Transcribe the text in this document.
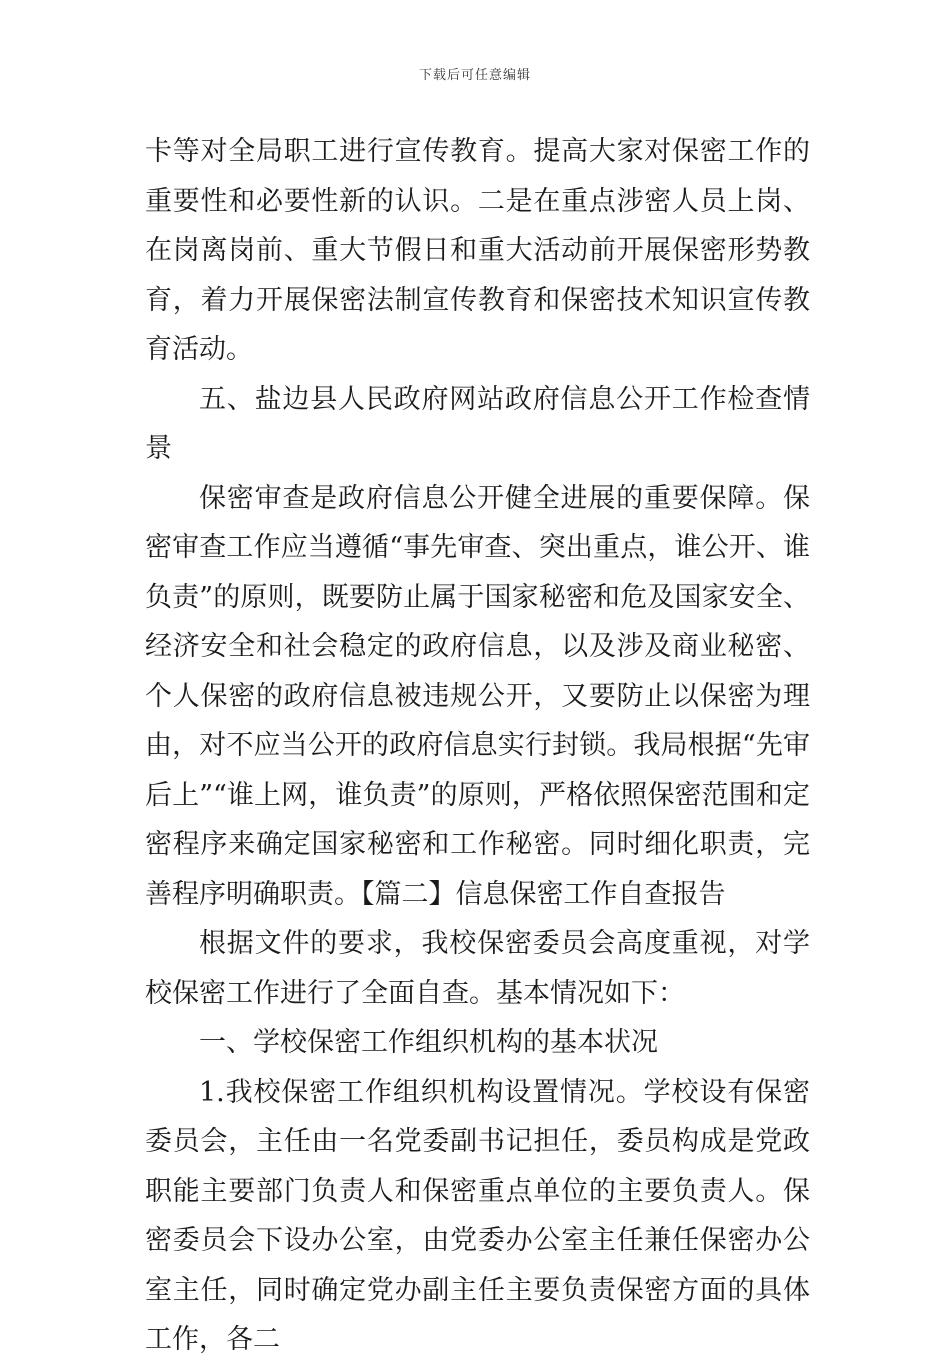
下载后可任意编辑

卡等对全局职工进行宣传教育。提高大家对保密工作的重要性和必要性新的认识。二是在重点涉密人员上岗、在岗离岗前、重大节假日和重大活动前开展保密形势教育，着力开展保密法制宣传教育和保密技术知识宣传教育活动。

五、盐边县人民政府网站政府信息公开工作检查情景

保密审查是政府信息公开健全进展的重要保障。保密审查工作应当遵循“事先审查、突出重点，谁公开、谁负责”的原则，既要防止属于国家秘密和危及国家安全、经济安全和社会稳定的政府信息，以及涉及商业秘密、个人保密的政府信息被违规公开，又要防止以保密为理由，对不应当公开的政府信息实行封锁。我局根据“先审后上”“谁上网，谁负责”的原则，严格依照保密范围和定密程序来确定国家秘密和工作秘密。同时细化职责，完善程序明确职责。【篇二】信息保密工作自查报告

根据文件的要求，我校保密委员会高度重视，对学校保密工作进行了全面自查。基本情况如下：

一、学校保密工作组织机构的基本状况

1.我校保密工作组织机构设置情况。学校设有保密委员会，主任由一名党委副书记担任，委员构成是党政职能主要部门负责人和保密重点单位的主要负责人。保密委员会下设办公室，由党委办公室主任兼任保密办公室主任，同时确定党办副主任主要负责保密方面的具体工作，各二
